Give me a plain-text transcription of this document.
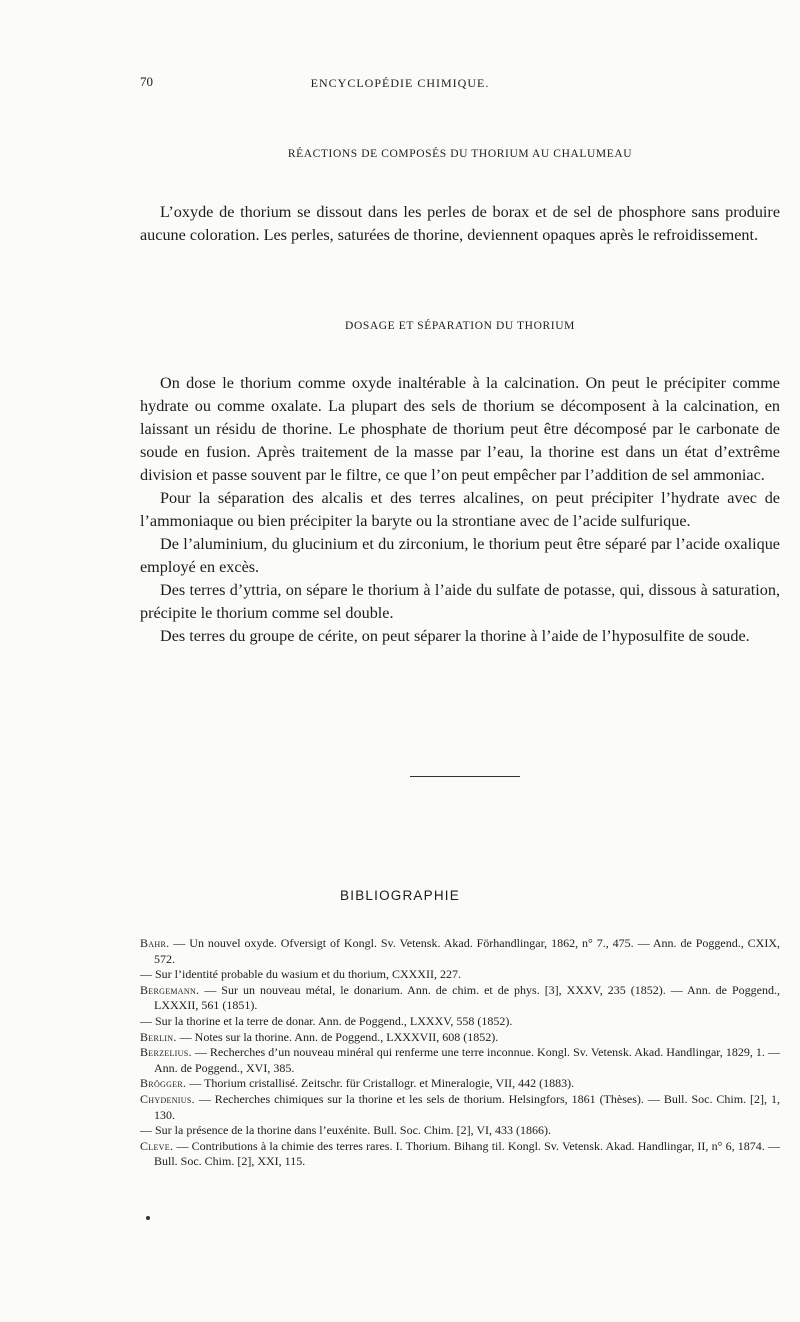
70	ENCYCLOPÉDIE CHIMIQUE.
RÉACTIONS DE COMPOSÉS DU THORIUM AU CHALUMEAU

L’oxyde de thorium se dissout dans les perles de borax et de sel de phosphore sans produire aucune coloration. Les perles, saturées de thorine, deviennent opaques après le refroidissement.

DOSAGE ET SÉPARATION DU THORIUM

On dose le thorium comme oxyde inaltérable à la calcination. On peut le précipiter comme hydrate ou comme oxalate. La plupart des sels de thorium se décomposent à la calcination, en laissant un résidu de thorine. Le phosphate de thorium peut être décomposé par le carbonate de soude en fusion. Après traitement de la masse par l’eau, la thorine est dans un état d’extrême division et passe souvent par le filtre, ce que l’on peut empêcher par l’addition de sel ammoniac.

Pour la séparation des alcalis et des terres alcalines, on peut précipiter l’hydrate avec de l’ammoniaque ou bien précipiter la baryte ou la strontiane avec de l’acide sulfurique.

De l’aluminium, du glucinium et du zirconium, le thorium peut être séparé par l’acide oxalique employé en excès.

Des terres d’yttria, on sépare le thorium à l’aide du sulfate de potasse, qui, dissous à saturation, précipite le thorium comme sel double.

Des terres du groupe de cérite, on peut séparer la thorine à l’aide de l’hyposulfite de soude.

BIBLIOGRAPHIE

Bahr. — Un nouvel oxyde. Ofversigt of Kongl. Sv. Vetensk. Akad. Förhandlingar, 1862, n° 7., 475. — Ann. de Poggend., CXIX, 572.

— Sur l’identité probable du wasium et du thorium, CXXXII, 227.

Bergemann. — Sur un nouveau métal, le donarium. Ann. de chim. et de phys. [3], XXXV, 235 (1852). — Ann. de Poggend., LXXXII, 561 (1851).

— Sur la thorine et la terre de donar. Ann. de Poggend., LXXXV, 558 (1852).

Berlin. — Notes sur la thorine. Ann. de Poggend., LXXXVII, 608 (1852).

Berzelius. — Recherches d’un nouveau minéral qui renferme une terre inconnue. Kongl. Sv. Vetensk. Akad. Handlingar, 1829, 1. — Ann. de Poggend., XVI, 385.

Brögger. — Thorium cristallisé. Zeitschr. für Cristallogr. et Mineralogie, VII, 442 (1883).

Chydenius. — Recherches chimiques sur la thorine et les sels de thorium. Helsingfors, 1861 (Thèses). — Bull. Soc. Chim. [2], 1, 130.

— Sur la présence de la thorine dans l’euxénite. Bull. Soc. Chim. [2], VI, 433 (1866).

Cleve. — Contributions à la chimie des terres rares. I. Thorium. Bihang til. Kongl. Sv. Vetensk. Akad. Handlingar, II, n° 6, 1874. — Bull. Soc. Chim. [2], XXI, 115.
